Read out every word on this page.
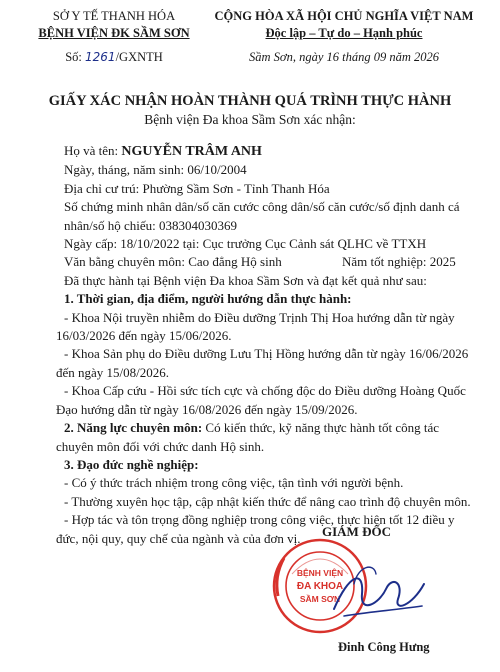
SỞ Y TẾ THANH HÓA
BỆNH VIỆN ĐK SẦM SƠN
Số: 1261/GXNTH
CỘNG HÒA XÃ HỘI CHỦ NGHĨA VIỆT NAM
Độc lập – Tự do – Hạnh phúc
Sầm Sơn, ngày 16 tháng 09 năm 2026
GIẤY XÁC NHẬN HOÀN THÀNH QUÁ TRÌNH THỰC HÀNH
Bệnh viện Đa khoa Sầm Sơn xác nhận:

Họ và tên: NGUYỄN TRÂM ANH

Ngày, tháng, năm sinh: 06/10/2004

Địa chỉ cư trú: Phường Sầm Sơn - Tỉnh Thanh Hóa

Số chứng minh nhân dân/số căn cước công dân/số căn cước/số định danh cá

nhân/số hộ chiếu: 038304030369

Ngày cấp: 18/10/2022 tại: Cục trưởng Cục Cảnh sát QLHC về TTXH

Văn bằng chuyên môn: Cao đẳng Hộ sinh	Năm tốt nghiệp: 2025

Đã thực hành tại Bệnh viện Đa khoa Sầm Sơn và đạt kết quả như sau:

1. Thời gian, địa điểm, người hướng dẫn thực hành:

- Khoa Nội truyền nhiễm do Điều dưỡng Trịnh Thị Hoa hướng dẫn từ ngày

16/03/2026 đến ngày 15/06/2026.

- Khoa Sản phụ do Điều dưỡng Lưu Thị Hồng hướng dẫn từ ngày 16/06/2026

đến ngày 15/08/2026.

- Khoa Cấp cứu - Hồi sức tích cực và chống độc do Điều dưỡng Hoàng Quốc

Đạo hướng dẫn từ ngày 16/08/2026 đến ngày 15/09/2026.

2. Năng lực chuyên môn: Có kiến thức, kỹ năng thực hành tốt công tác

chuyên môn đối với chức danh Hộ sinh.

3. Đạo đức nghề nghiệp:

- Có ý thức trách nhiệm trong công việc, tận tình với người bệnh.

- Thường xuyên học tập, cập nhật kiến thức để nâng cao trình độ chuyên môn.

- Hợp tác và tôn trọng đồng nghiệp trong công việc, thực hiện tốt 12 điều y

đức, nội quy, quy chế của ngành và của đơn vị.	GIÁM ĐỐC
BỆNH VIỆN
ĐA KHOA
SẦM SƠN
Đinh Công Hưng
